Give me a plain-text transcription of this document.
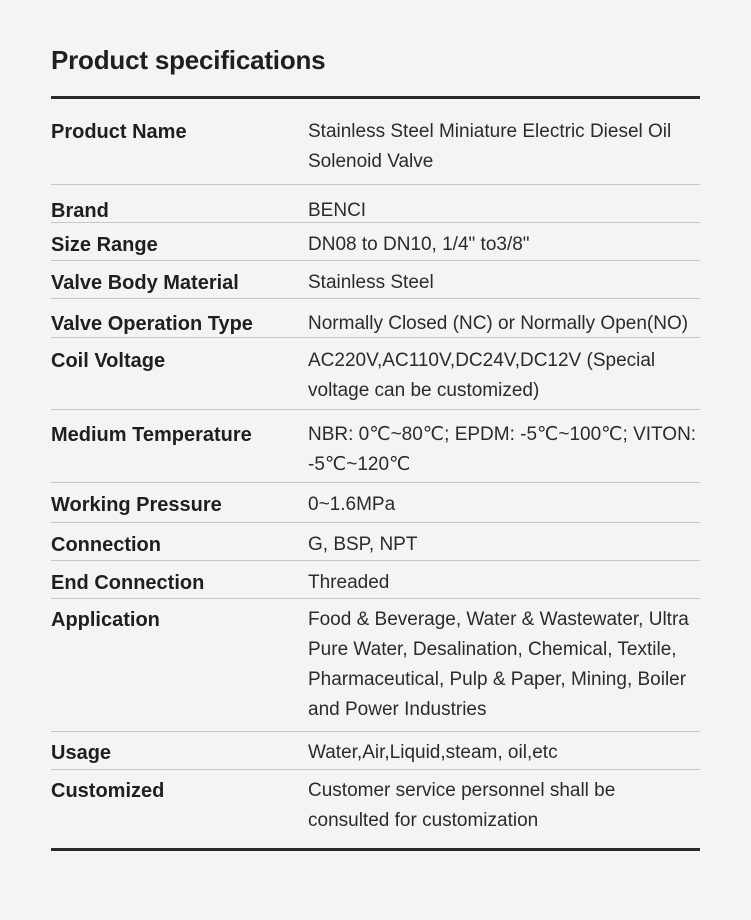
Product specifications
Product Name	Stainless Steel Miniature Electric Diesel Oil Solenoid Valve
Brand	BENCI
Size Range	DN08 to DN10, 1/4" to3/8"
Valve Body Material	Stainless Steel
Valve Operation Type	Normally Closed (NC) or Normally Open(NO)
Coil Voltage	AC220V,AC110V,DC24V,DC12V (Special voltage can be customized)
Medium Temperature	NBR: 0℃~80℃; EPDM: -5℃~100℃; VITON: -5℃~120℃
Working Pressure	0~1.6MPa
Connection	G, BSP, NPT
End Connection	Threaded
Application	Food & Beverage, Water & Wastewater, Ultra Pure Water, Desalination, Chemical, Textile, Pharmaceutical, Pulp & Paper, Mining, Boiler and Power Industries
Usage	Water,Air,Liquid,steam, oil,etc
Customized	Customer service personnel shall be consulted for customization
